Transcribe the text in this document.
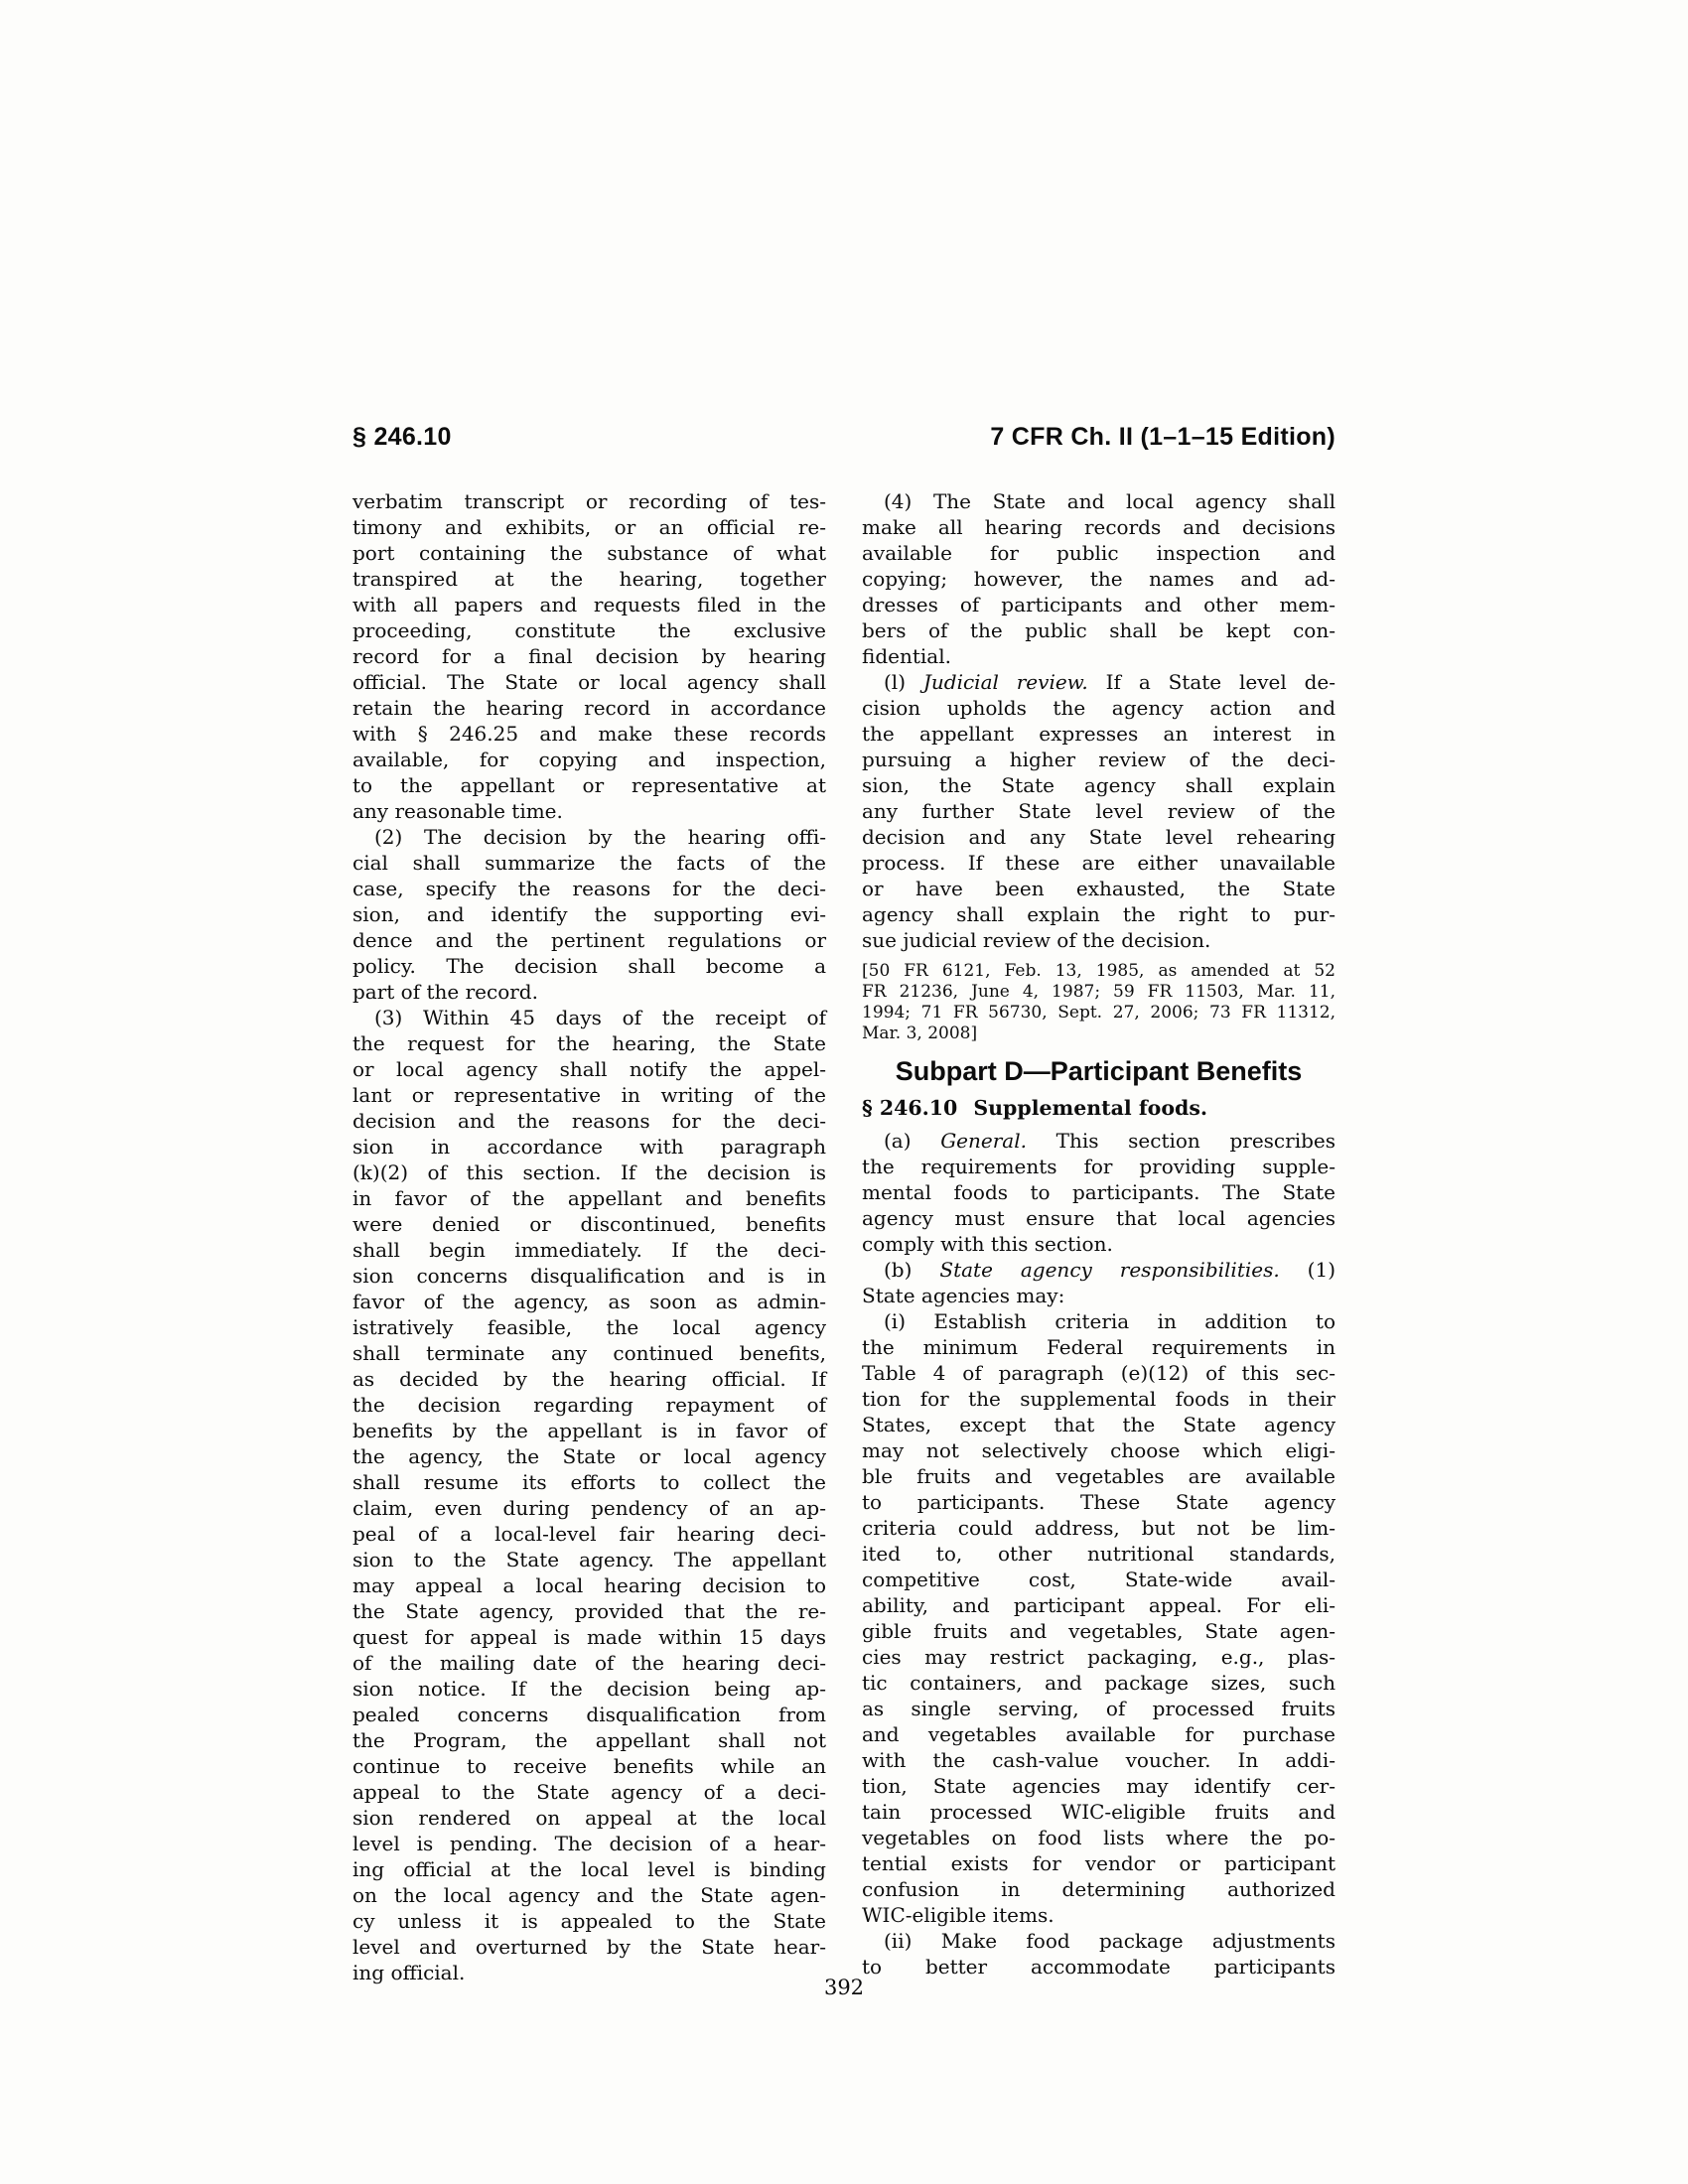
§ 246.10	7 CFR Ch. II (1–1–15 Edition)
verbatim transcript or recording of tes-
timony and exhibits, or an official re-
port containing the substance of what
transpired at the hearing, together
with all papers and requests filed in the
proceeding, constitute the exclusive
record for a final decision by hearing
official. The State or local agency shall
retain the hearing record in accordance
with § 246.25 and make these records
available, for copying and inspection,
to the appellant or representative at
any reasonable time.
(2) The decision by the hearing offi-
cial shall summarize the facts of the
case, specify the reasons for the deci-
sion, and identify the supporting evi-
dence and the pertinent regulations or
policy. The decision shall become a
part of the record.
(3) Within 45 days of the receipt of
the request for the hearing, the State
or local agency shall notify the appel-
lant or representative in writing of the
decision and the reasons for the deci-
sion in accordance with paragraph
(k)(2) of this section. If the decision is
in favor of the appellant and benefits
were denied or discontinued, benefits
shall begin immediately. If the deci-
sion concerns disqualification and is in
favor of the agency, as soon as admin-
istratively feasible, the local agency
shall terminate any continued benefits,
as decided by the hearing official. If
the decision regarding repayment of
benefits by the appellant is in favor of
the agency, the State or local agency
shall resume its efforts to collect the
claim, even during pendency of an ap-
peal of a local-level fair hearing deci-
sion to the State agency. The appellant
may appeal a local hearing decision to
the State agency, provided that the re-
quest for appeal is made within 15 days
of the mailing date of the hearing deci-
sion notice. If the decision being ap-
pealed concerns disqualification from
the Program, the appellant shall not
continue to receive benefits while an
appeal to the State agency of a deci-
sion rendered on appeal at the local
level is pending. The decision of a hear-
ing official at the local level is binding
on the local agency and the State agen-
cy unless it is appealed to the State
level and overturned by the State hear-
ing official.
(4) The State and local agency shall
make all hearing records and decisions
available for public inspection and
copying; however, the names and ad-
dresses of participants and other mem-
bers of the public shall be kept con-
fidential.
(l) Judicial review. If a State level de-
cision upholds the agency action and
the appellant expresses an interest in
pursuing a higher review of the deci-
sion, the State agency shall explain
any further State level review of the
decision and any State level rehearing
process. If these are either unavailable
or have been exhausted, the State
agency shall explain the right to pur-
sue judicial review of the decision.
[50 FR 6121, Feb. 13, 1985, as amended at 52
FR 21236, June 4, 1987; 59 FR 11503, Mar. 11,
1994; 71 FR 56730, Sept. 27, 2006; 73 FR 11312,
Mar. 3, 2008]
Subpart D—Participant Benefits
§ 246.10 Supplemental foods.
(a) General. This section prescribes
the requirements for providing supple-
mental foods to participants. The State
agency must ensure that local agencies
comply with this section.
(b) State agency responsibilities. (1)
State agencies may:
(i) Establish criteria in addition to
the minimum Federal requirements in
Table 4 of paragraph (e)(12) of this sec-
tion for the supplemental foods in their
States, except that the State agency
may not selectively choose which eligi-
ble fruits and vegetables are available
to participants. These State agency
criteria could address, but not be lim-
ited to, other nutritional standards,
competitive cost, State-wide avail-
ability, and participant appeal. For eli-
gible fruits and vegetables, State agen-
cies may restrict packaging, e.g., plas-
tic containers, and package sizes, such
as single serving, of processed fruits
and vegetables available for purchase
with the cash-value voucher. In addi-
tion, State agencies may identify cer-
tain processed WIC-eligible fruits and
vegetables on food lists where the po-
tential exists for vendor or participant
confusion in determining authorized
WIC-eligible items.
(ii) Make food package adjustments
to better accommodate participants
392
